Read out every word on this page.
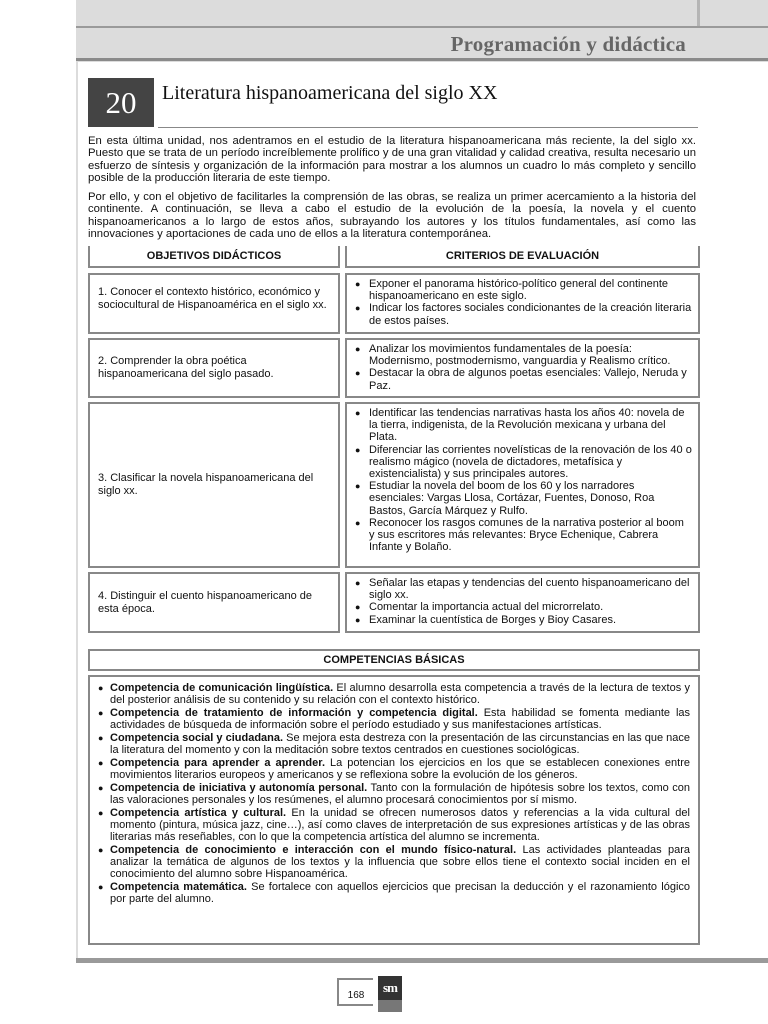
Programación y didáctica
20	Literatura hispanoamericana del siglo XX

En esta última unidad, nos adentramos en el estudio de la literatura hispanoamericana más reciente, la del siglo xx. Puesto que se trata de un período increíblemente prolífico y de una gran vitalidad y calidad creativa, resulta necesario un esfuerzo de síntesis y organización de la información para mostrar a los alumnos un cuadro lo más completo y sencillo posible de la producción literaria de este tiempo.

Por ello, y con el objetivo de facilitarles la comprensión de las obras, se realiza un primer acercamiento a la historia del continente. A continuación, se lleva a cabo el estudio de la evolución de la poesía, la novela y el cuento hispanoamericanos a lo largo de estos años, subrayando los autores y los títulos fundamentales, así como las innovaciones y aportaciones de cada uno de ellos a la literatura contemporánea.

OBJETIVOS DIDÁCTICOS	CRITERIOS DE EVALUACIÓN
1. Conocer el contexto histórico, económico y sociocultural de Hispanoamérica en el siglo xx.
● Exponer el panorama histórico-político general del continente hispanoamericano en este siglo.
● Indicar los factores sociales condicionantes de la creación literaria de estos países.
2. Comprender la obra poética hispanoamericana del siglo pasado.
● Analizar los movimientos fundamentales de la poesía: Modernismo, postmodernismo, vanguardia y Realismo crítico.
● Destacar la obra de algunos poetas esenciales: Vallejo, Neruda y Paz.
3. Clasificar la novela hispanoamericana del siglo xx.
● Identificar las tendencias narrativas hasta los años 40: novela de la tierra, indigenista, de la Revolución mexicana y urbana del Plata.
● Diferenciar las corrientes novelísticas de la renovación de los 40 o realismo mágico (novela de dictadores, metafísica y existencialista) y sus principales autores.
● Estudiar la novela del boom de los 60 y los narradores esenciales: Vargas Llosa, Cortázar, Fuentes, Donoso, Roa Bastos, García Márquez y Rulfo.
● Reconocer los rasgos comunes de la narrativa posterior al boom y sus escritores más relevantes: Bryce Echenique, Cabrera Infante y Bolaño.
4. Distinguir el cuento hispanoamericano de esta época.
● Señalar las etapas y tendencias del cuento hispanoamericano del siglo xx.
● Comentar la importancia actual del microrrelato.
● Examinar la cuentística de Borges y Bioy Casares.
COMPETENCIAS BÁSICAS
● Competencia de comunicación lingüística. El alumno desarrolla esta competencia a través de la lectura de textos y del posterior análisis de su contenido y su relación con el contexto histórico.
● Competencia de tratamiento de información y competencia digital. Esta habilidad se fomenta mediante las actividades de búsqueda de información sobre el período estudiado y sus manifestaciones artísticas.
● Competencia social y ciudadana. Se mejora esta destreza con la presentación de las circunstancias en las que nace la literatura del momento y con la meditación sobre textos centrados en cuestiones sociológicas.
● Competencia para aprender a aprender. La potencian los ejercicios en los que se establecen conexiones entre movimientos literarios europeos y americanos y se reflexiona sobre la evolución de los géneros.
● Competencia de iniciativa y autonomía personal. Tanto con la formulación de hipótesis sobre los textos, como con las valoraciones personales y los resúmenes, el alumno procesará conocimientos por sí mismo.
● Competencia artística y cultural. En la unidad se ofrecen numerosos datos y referencias a la vida cultural del momento (pintura, música jazz, cine…), así como claves de interpretación de sus expresiones artísticas y de las obras literarias más reseñables, con lo que la competencia artística del alumno se incrementa.
● Competencia de conocimiento e interacción con el mundo físico-natural. Las actividades planteadas para analizar la temática de algunos de los textos y la influencia que sobre ellos tiene el contexto social inciden en el conocimiento del alumno sobre Hispanoamérica.
● Competencia matemática. Se fortalece con aquellos ejercicios que precisan la deducción y el razonamiento lógico por parte del alumno.
168
sm
